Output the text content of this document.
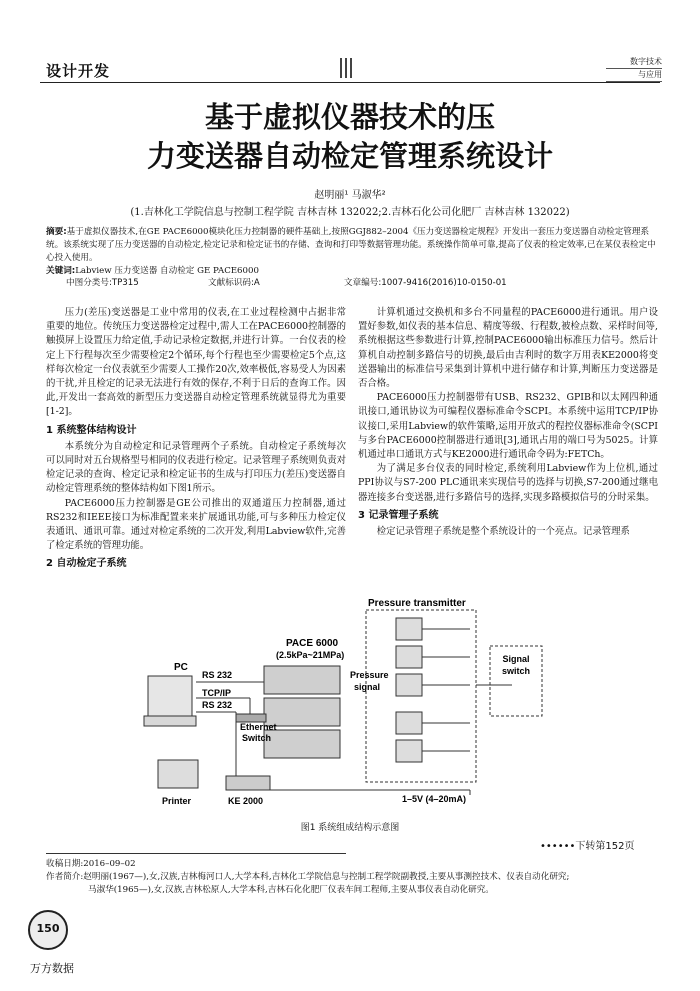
设计开发
数字技术
与应用
基于虚拟仪器技术的压
力变送器自动检定管理系统设计
赵明丽¹ 马淑华²
(1.吉林化工学院信息与控制工程学院 吉林吉林 132022;2.吉林石化公司化肥厂 吉林吉林 132022)
摘要:基于虚拟仪器技术,在GE PACE6000模块化压力控制器的硬件基础上,按照GGJ882–2004《压力变送器检定规程》开发出一套压力变送器自动检定管理系统。该系统实现了压力变送器的自动检定,检定记录和检定证书的存储、查询和打印等数据管理功能。系统操作简单可靠,提高了仪表的检定效率,已在某仪表检定中心投入使用。
关键词:Labview 压力变送器 自动检定 GE PACE6000
中图分类号:TP315	文献标识码:A	文章编号:1007-9416(2016)10-0150-01

压力(差压)变送器是工业中常用的仪表,在工业过程检测中占据非常重要的地位。传统压力变送器检定过程中,需人工在PACE6000控制器的触摸屏上设置压力给定值,手动记录检定数据,并进行计算。一台仪表的检定上下行程每次至少需要检定2个循环,每个行程也至少需要检定5个点,这样每次检定一台仪表就至少需要人工操作20次,效率极低,容易受人为因素的干扰,并且检定的记录无法进行有效的保存,不利于日后的查询工作。因此,开发出一套高效的新型压力变送器自动检定管理系统就显得尤为重要[1-2]。

1 系统整体结构设计

本系统分为自动检定和记录管理两个子系统。自动检定子系统每次可以同时对五台规格型号相同的仪表进行检定。记录管理子系统则负责对检定记录的查询、检定记录和检定证书的生成与打印压力(差压)变送器自动检定管理系统的整体结构如下图1所示。

PACE6000压力控制器是GE公司推出的双通道压力控制器,通过RS232和IEEE接口为标准配置来来扩展通讯功能,可与多种压力检定仪表通讯、通讯可靠。通过对检定系统的二次开发,利用Labview软件,完善了检定系统的管理功能。

2 自动检定子系统

计算机通过交换机和多台不同量程的PACE6000进行通讯。用户设置好参数,如仪表的基本信息、精度等级、行程数,被检点数、采样时间等,系统根据这些参数进行计算,控制PACE6000输出标准压力信号。然后计算机自动控制多路信号的切换,最后由吉利时的数字万用表KE2000将变送器输出的标准信号采集到计算机中进行储存和计算,判断压力变送器是否合格。

PACE6000压力控制器带有USB、RS232、GPIB和以太网四种通讯接口,通讯协议为可编程仪器标准命令SCPI。本系统中运用TCP/IP协议接口,采用Labview的软件策略,运用开放式的程控仪器标准命令(SCPI与多台PACE6000控制器进行通讯[3],通讯占用的端口号为5025。计算机通过串口通讯方式与KE2000进行通讯命令码为:FETCh。

为了满足多台仪表的同时检定,系统利用Labview作为上位机,通过PPI协议与S7-200 PLC通讯来实现信号的选择与切换,S7-200通过继电器连接多台变送器,进行多路信号的选择,实现多路模拟信号的分时采集。

3 记录管理子系统

检定记录管理子系统是整个系统设计的一个亮点。记录管理系

Pressure transmitter
Signal
switch
PACE 6000
(2.5kPa~21MPa)
Pressure
signal
PC
RS 232
TCP/IP
RS 232
Ethernet
Switch
Printer	KE 2000	1–5V (4–20mA)
图1 系统组成结构示意图
••••••下转第152页
收稿日期:2016–09–02
作者简介:赵明丽(1967—),女,汉族,吉林梅河口人,大学本科,吉林化工学院信息与控制工程学院副教授,主要从事测控技术、仪表自动化研究;
马淑华(1965—),女,汉族,吉林松原人,大学本科,吉林石化化肥厂仪表车间工程师,主要从事仪表自动化研究。
150
万方数据
